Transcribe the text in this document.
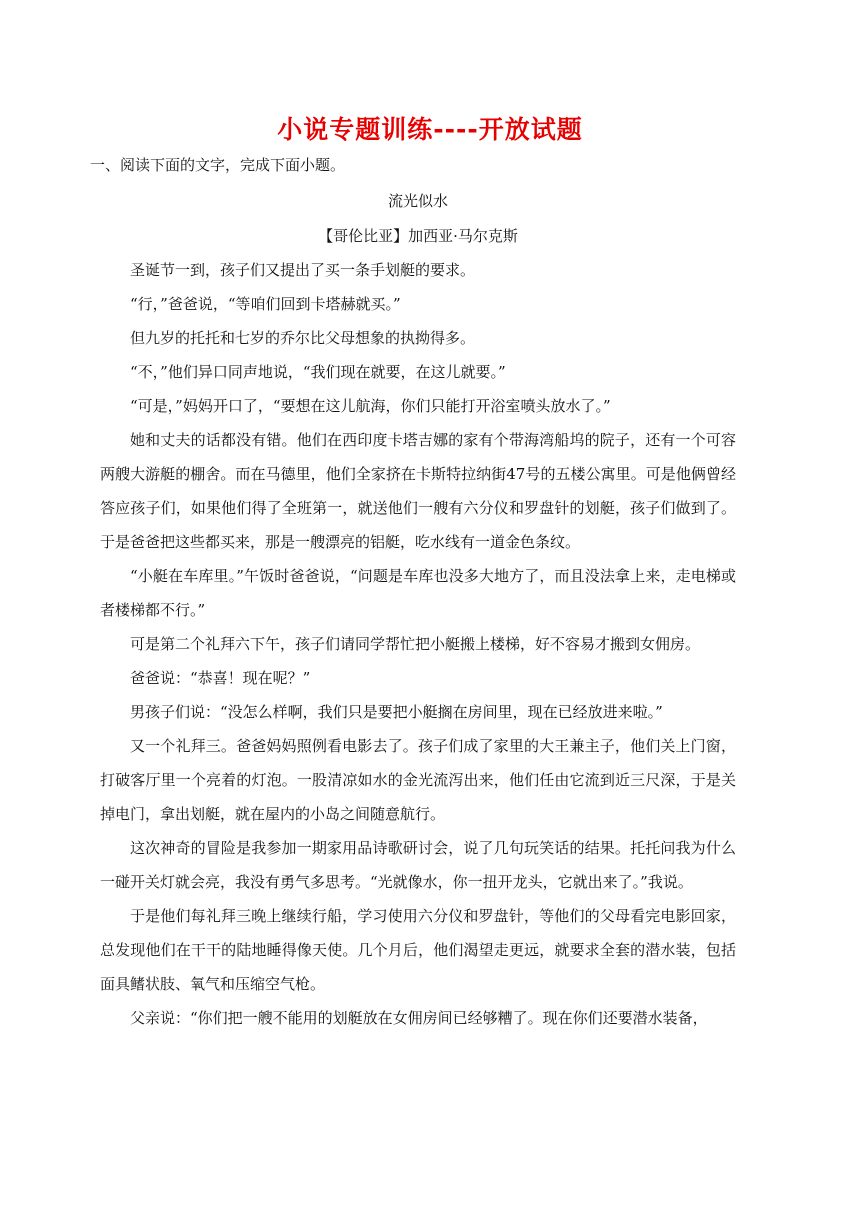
小说专题训练----开放试题
一、阅读下面的文字，完成下面小题。
流光似水
【哥伦比亚】加西亚·马尔克斯

圣诞节一到，孩子们又提出了买一条手划艇的要求。

“行，”爸爸说，“等咱们回到卡塔赫就买。”

但九岁的托托和七岁的乔尔比父母想象的执拗得多。

“不，”他们异口同声地说，“我们现在就要，在这儿就要。”

“可是，”妈妈开口了，“要想在这儿航海，你们只能打开浴室喷头放水了。”

她和丈夫的话都没有错。他们在西印度卡塔吉娜的家有个带海湾船坞的院子，还有一个可容两艘大游艇的棚舍。而在马德里，他们全家挤在卡斯特拉纳街47号的五楼公寓里。可是他俩曾经答应孩子们，如果他们得了全班第一，就送他们一艘有六分仪和罗盘针的划艇，孩子们做到了。于是爸爸把这些都买来，那是一艘漂亮的铝艇，吃水线有一道金色条纹。

“小艇在车库里。”午饭时爸爸说，“问题是车库也没多大地方了，而且没法拿上来，走电梯或者楼梯都不行。”

可是第二个礼拜六下午，孩子们请同学帮忙把小艇搬上楼梯，好不容易才搬到女佣房。

爸爸说：“恭喜！现在呢？”

男孩子们说：“没怎么样啊，我们只是要把小艇搁在房间里，现在已经放进来啦。”

又一个礼拜三。爸爸妈妈照例看电影去了。孩子们成了家里的大王兼主子，他们关上门窗，打破客厅里一个亮着的灯泡。一股清凉如水的金光流泻出来，他们任由它流到近三尺深，于是关掉电门，拿出划艇，就在屋内的小岛之间随意航行。

这次神奇的冒险是我参加一期家用品诗歌研讨会，说了几句玩笑话的结果。托托问我为什么一碰开关灯就会亮，我没有勇气多思考。“光就像水，你一扭开龙头，它就出来了。”我说。

于是他们每礼拜三晚上继续行船，学习使用六分仪和罗盘针，等他们的父母看完电影回家，总发现他们在干干的陆地睡得像天使。几个月后，他们渴望走更远，就要求全套的潜水装，包括面具鳍状肢、氧气和压缩空气枪。

父亲说：“你们把一艘不能用的划艇放在女佣房间已经够糟了。现在你们还要潜水装备，
